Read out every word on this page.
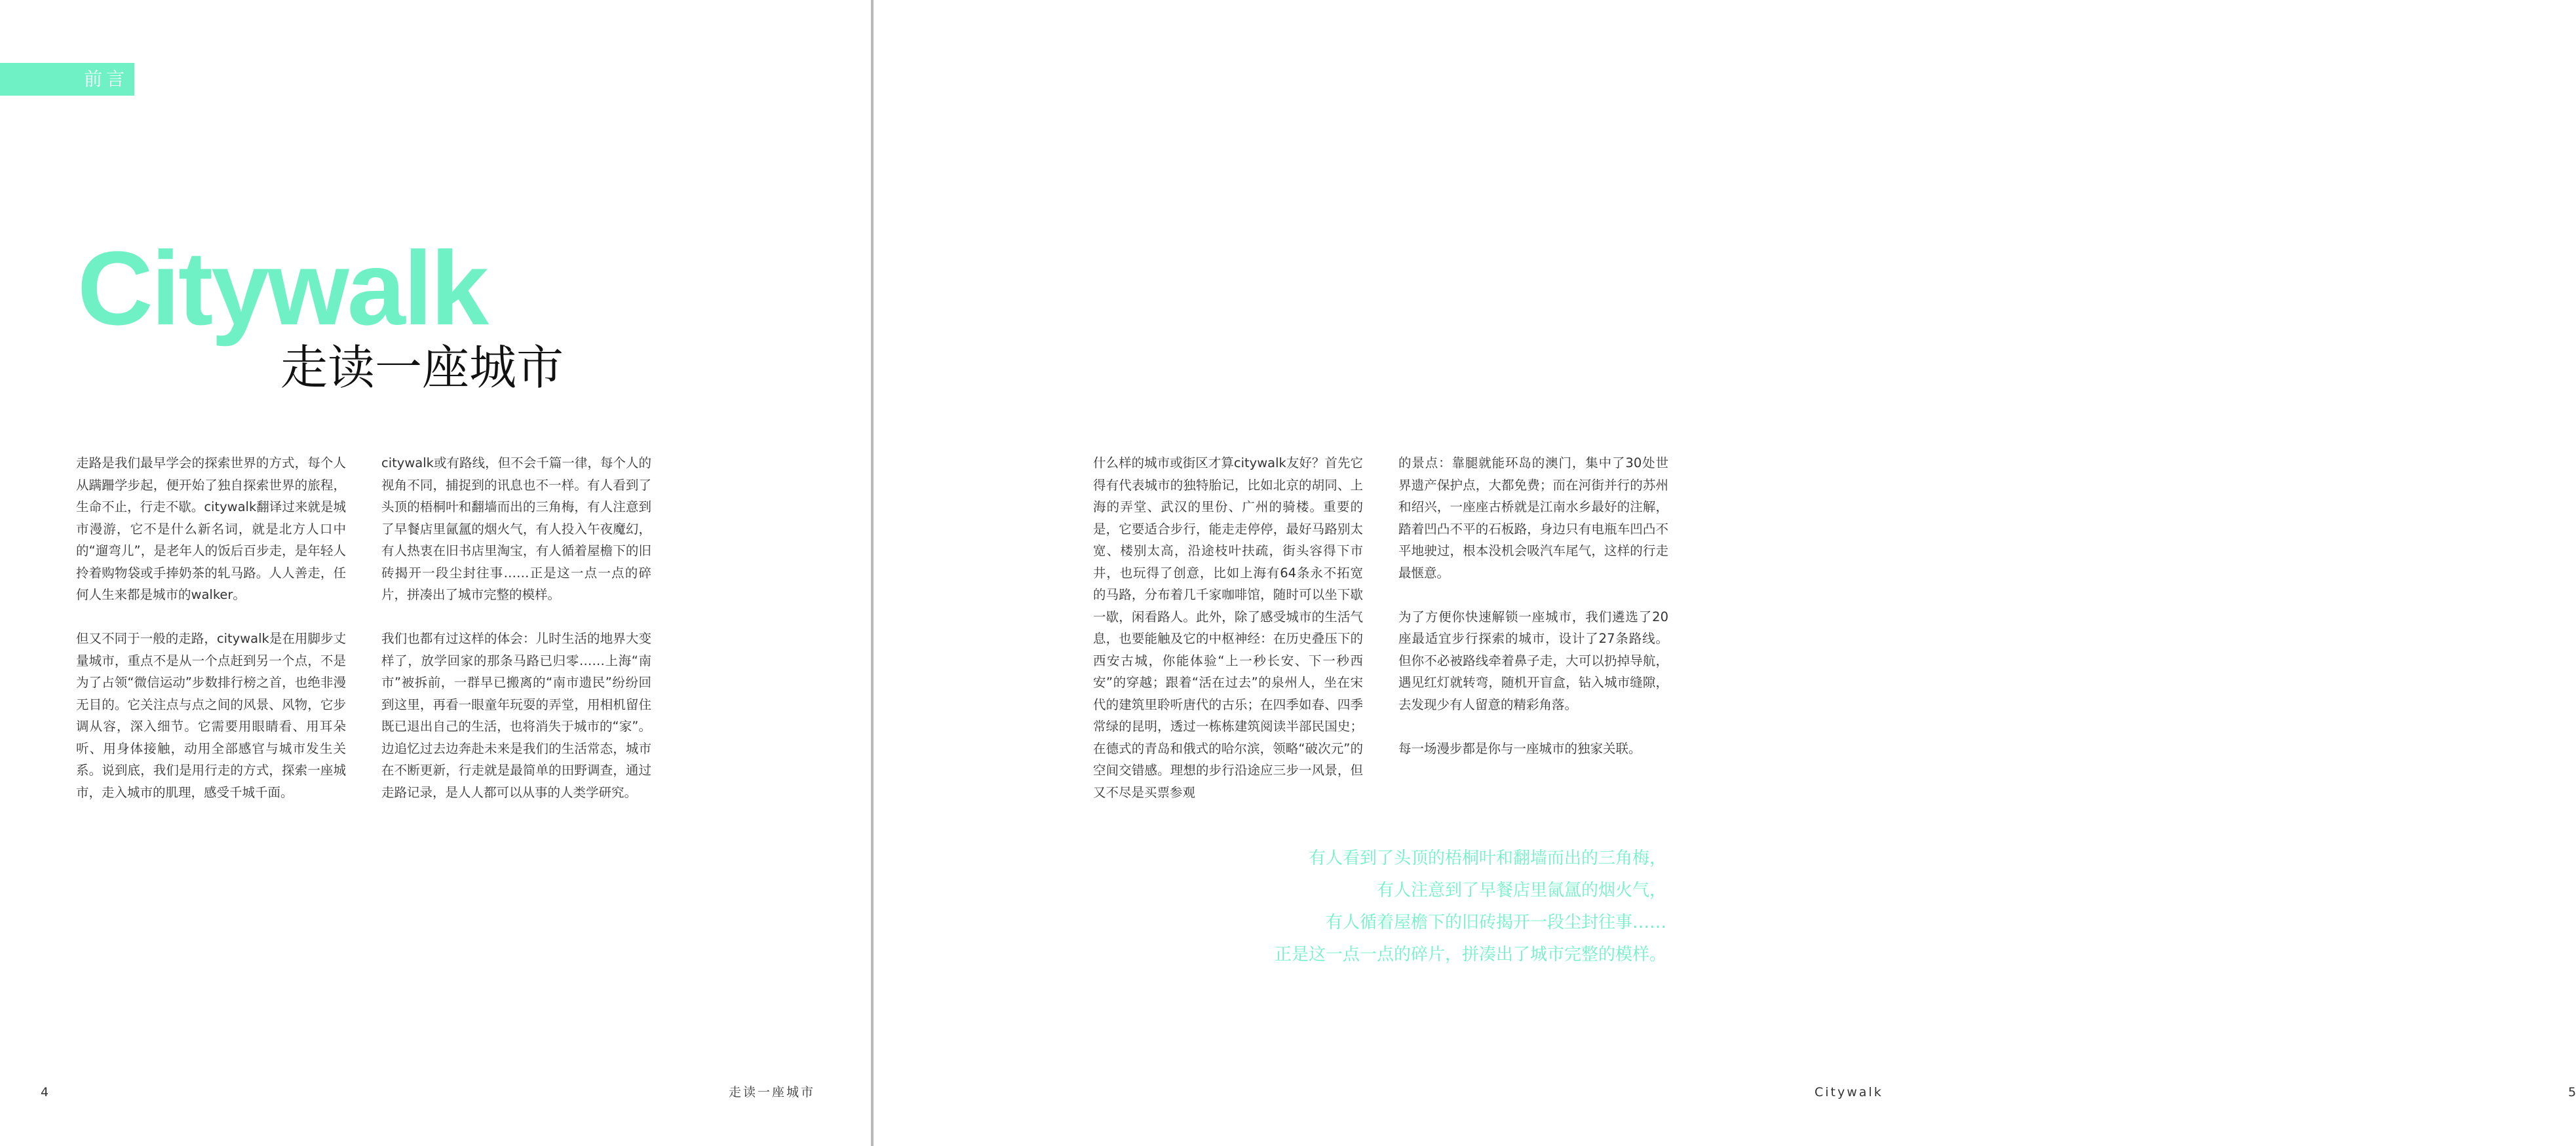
前言
Citywalk
走读一座城市

走路是我们最早学会的探索世界的方式，每个人从蹒跚学步起，便开始了独自探索世界的旅程，生命不止，行走不歇。citywalk翻译过来就是城市漫游，它不是什么新名词，就是北方人口中的“遛弯儿”，是老年人的饭后百步走，是年轻人拎着购物袋或手捧奶茶的轧马路。人人善走，任何人生来都是城市的walker。

但又不同于一般的走路，citywalk是在用脚步丈量城市，重点不是从一个点赶到另一个点，不是为了占领“微信运动”步数排行榜之首，也绝非漫无目的。它关注点与点之间的风景、风物，它步调从容，深入细节。它需要用眼睛看、用耳朵听、用身体接触，动用全部感官与城市发生关系。说到底，我们是用行走的方式，探索一座城市，走入城市的肌理，感受千城千面。

citywalk或有路线，但不会千篇一律，每个人的视角不同，捕捉到的讯息也不一样。有人看到了头顶的梧桐叶和翻墙而出的三角梅，有人注意到了早餐店里氤氲的烟火气，有人投入午夜魔幻，有人热衷在旧书店里淘宝，有人循着屋檐下的旧砖揭开一段尘封往事……正是这一点一点的碎片，拼凑出了城市完整的模样。

我们也都有过这样的体会：儿时生活的地界大变样了，放学回家的那条马路已归零……上海“南市”被拆前，一群早已搬离的“南市遗民”纷纷回到这里，再看一眼童年玩耍的弄堂，用相机留住既已退出自己的生活，也将消失于城市的“家”。边追忆过去边奔赴未来是我们的生活常态，城市在不断更新，行走就是最简单的田野调查，通过走路记录，是人人都可以从事的人类学研究。

4	走读一座城市	Citywalk	5

什么样的城市或街区才算citywalk友好？首先它得有代表城市的独特胎记，比如北京的胡同、上海的弄堂、武汉的里份、广州的骑楼。重要的是，它要适合步行，能走走停停，最好马路别太宽、楼别太高，沿途枝叶扶疏，街头容得下市井，也玩得了创意，比如上海有64条永不拓宽的马路，分布着几千家咖啡馆，随时可以坐下歇一歇，闲看路人。此外，除了感受城市的生活气息，也要能触及它的中枢神经：在历史叠压下的西安古城，你能体验“上一秒长安、下一秒西安”的穿越；跟着“活在过去”的泉州人，坐在宋代的建筑里聆听唐代的古乐；在四季如春、四季常绿的昆明，透过一栋栋建筑阅读半部民国史；在德式的青岛和俄式的哈尔滨，领略“破次元”的空间交错感。理想的步行沿途应三步一风景，但又不尽是买票参观

的景点：靠腿就能环岛的澳门，集中了30处世界遗产保护点，大都免费；而在河街并行的苏州和绍兴，一座座古桥就是江南水乡最好的注解，踏着凹凸不平的石板路，身边只有电瓶车凹凸不平地驶过，根本没机会吸汽车尾气，这样的行走最惬意。

为了方便你快速解锁一座城市，我们遴选了20座最适宜步行探索的城市，设计了27条路线。但你不必被路线牵着鼻子走，大可以扔掉导航，遇见红灯就转弯，随机开盲盒，钻入城市缝隙，去发现少有人留意的精彩角落。

每一场漫步都是你与一座城市的独家关联。

有人看到了头顶的梧桐叶和翻墙而出的三角梅，
有人注意到了早餐店里氤氲的烟火气，
有人循着屋檐下的旧砖揭开一段尘封往事……
正是这一点一点的碎片，拼凑出了城市完整的模样。
